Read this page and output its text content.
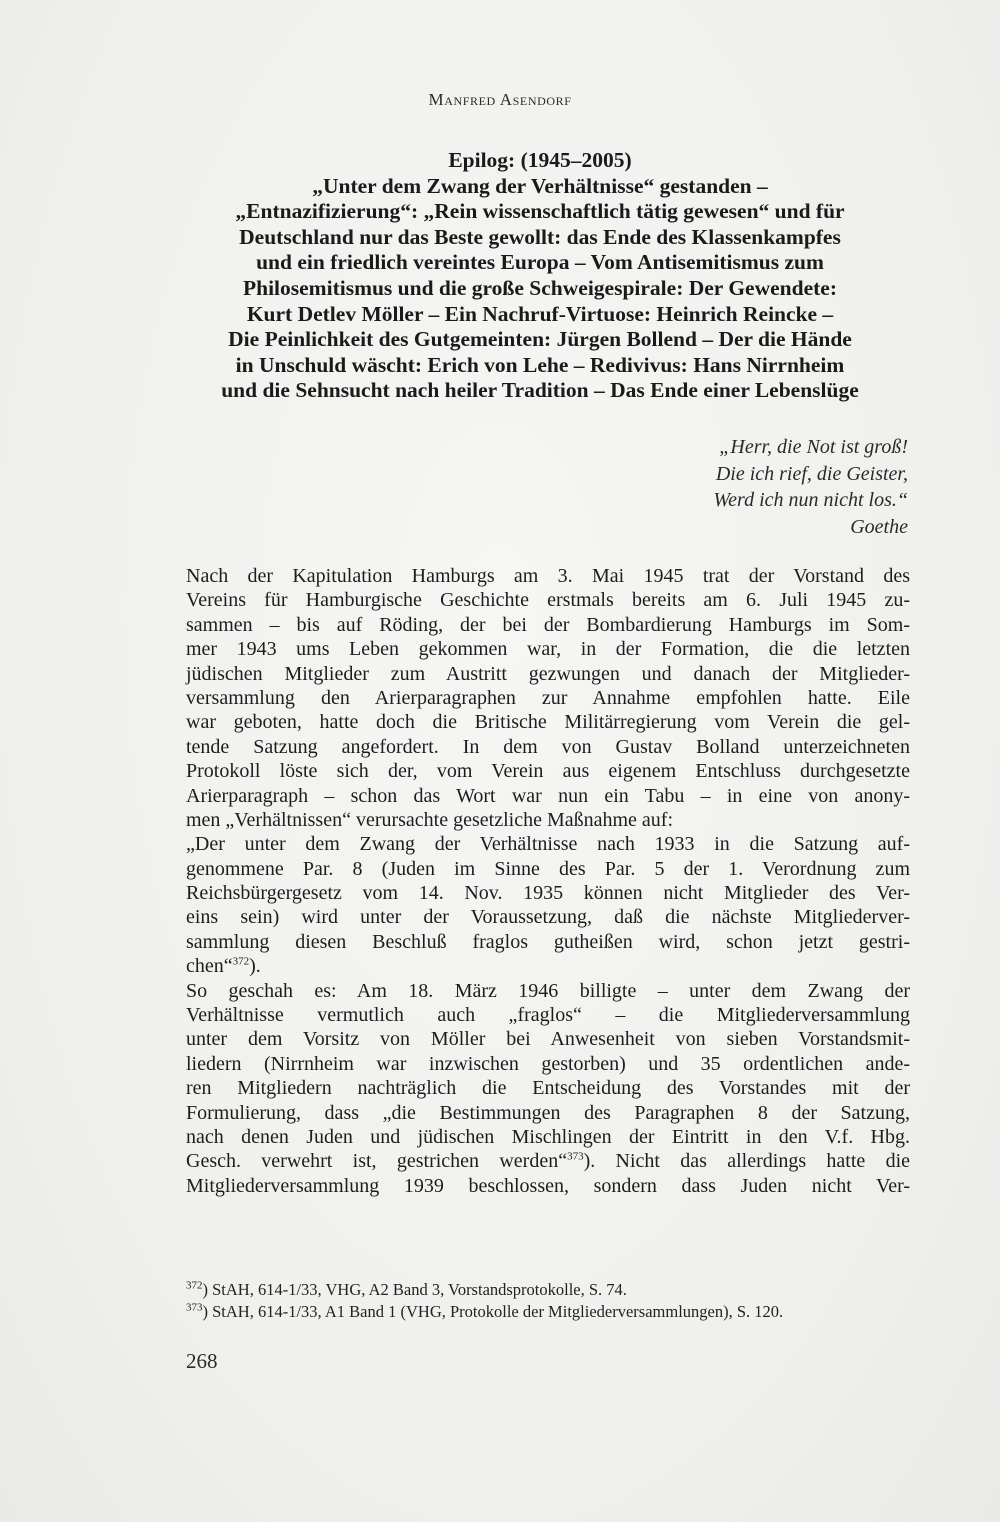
Manfred Asendorf
Epilog: (1945–2005)
„Unter dem Zwang der Verhältnisse“ gestanden –
„Entnazifizierung“: „Rein wissenschaftlich tätig gewesen“ und für
Deutschland nur das Beste gewollt: das Ende des Klassenkampfes
und ein friedlich vereintes Europa – Vom Antisemitismus zum
Philosemitismus und die große Schweigespirale: Der Gewendete:
Kurt Detlev Möller – Ein Nachruf-Virtuose: Heinrich Reincke –
Die Peinlichkeit des Gutgemeinten: Jürgen Bollend – Der die Hände
in Unschuld wäscht: Erich von Lehe – Redivivus: Hans Nirrnheim
und die Sehnsucht nach heiler Tradition – Das Ende einer Lebenslüge
„Herr, die Not ist groß!
Die ich rief, die Geister,
Werd ich nun nicht los.“
Goethe
Nach der Kapitulation Hamburgs am 3. Mai 1945 trat der Vorstand des
Vereins für Hamburgische Geschichte erstmals bereits am 6. Juli 1945 zu-
sammen – bis auf Röding, der bei der Bombardierung Hamburgs im Som-
mer 1943 ums Leben gekommen war, in der Formation, die die letzten
jüdischen Mitglieder zum Austritt gezwungen und danach der Mitglieder-
versammlung den Arierparagraphen zur Annahme empfohlen hatte. Eile
war geboten, hatte doch die Britische Militärregierung vom Verein die gel-
tende Satzung angefordert. In dem von Gustav Bolland unterzeichneten
Protokoll löste sich der, vom Verein aus eigenem Entschluss durchgesetzte
Arierparagraph – schon das Wort war nun ein Tabu – in eine von anony-
men „Verhältnissen“ verursachte gesetzliche Maßnahme auf:
„Der unter dem Zwang der Verhältnisse nach 1933 in die Satzung auf-
genommene Par. 8 (Juden im Sinne des Par. 5 der 1. Verordnung zum
Reichsbürgergesetz vom 14. Nov. 1935 können nicht Mitglieder des Ver-
eins sein) wird unter der Voraussetzung, daß die nächste Mitgliederver-
sammlung diesen Beschluß fraglos gutheißen wird, schon jetzt gestri-
chen“$^{372}$).
So geschah es: Am 18. März 1946 billigte – unter dem Zwang der
Verhältnisse vermutlich auch „fraglos“ – die Mitgliederversammlung
unter dem Vorsitz von Möller bei Anwesenheit von sieben Vorstandsmit-
liedern (Nirrnheim war inzwischen gestorben) und 35 ordentlichen ande-
ren Mitgliedern nachträglich die Entscheidung des Vorstandes mit der
Formulierung, dass „die Bestimmungen des Paragraphen 8 der Satzung,
nach denen Juden und jüdischen Mischlingen der Eintritt in den V.f. Hbg.
Gesch. verwehrt ist, gestrichen werden“$^{373}$). Nicht das allerdings hatte die
Mitgliederversammlung 1939 beschlossen, sondern dass Juden nicht Ver-
$^{372}$) StAH, 614-1/33, VHG, A2 Band 3, Vorstandsprotokolle, S. 74.
$^{373}$) StAH, 614-1/33, A1 Band 1 (VHG, Protokolle der Mitgliederversammlungen), S. 120.
268
